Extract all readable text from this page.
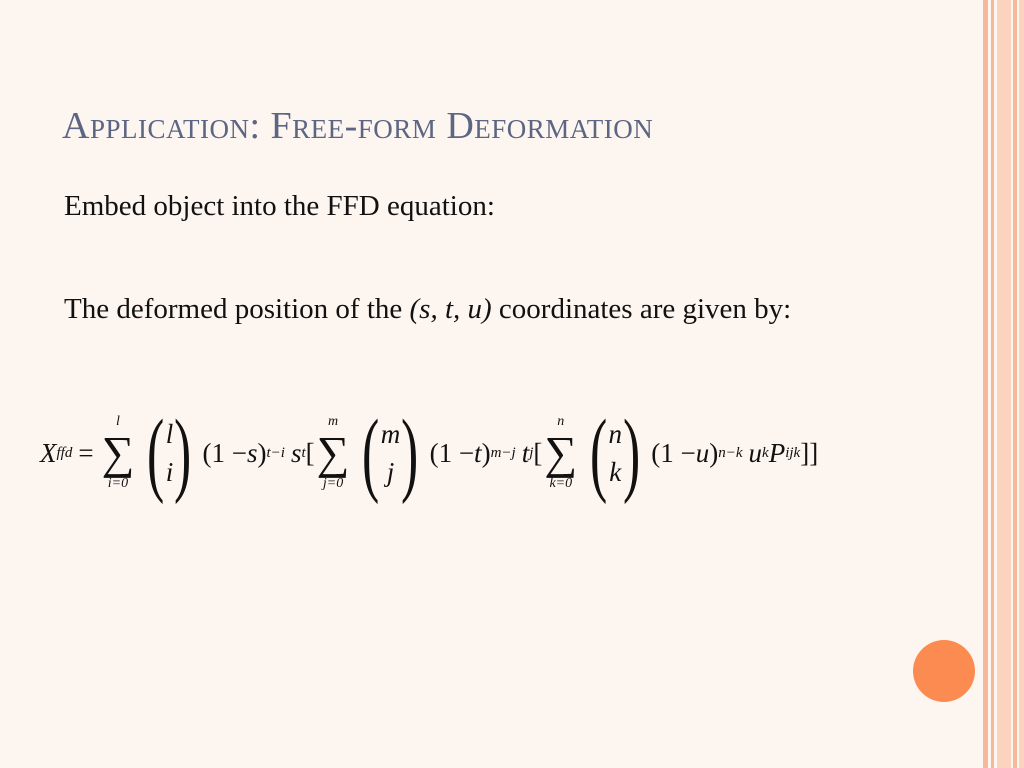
Application: Free-form Deformation

Embed object into the FFD equation:

The deformed position of the (s, t, u) coordinates are given by:

X ffd =
l
∑
i=0 ( l
i ) (1 − s ) t−i s t [
m
∑
j=0 ( m
j ) (1 − t ) m−j t j [
n
∑
k=0 ( n
k ) (1 − u ) n−k u k P ijk ]]
